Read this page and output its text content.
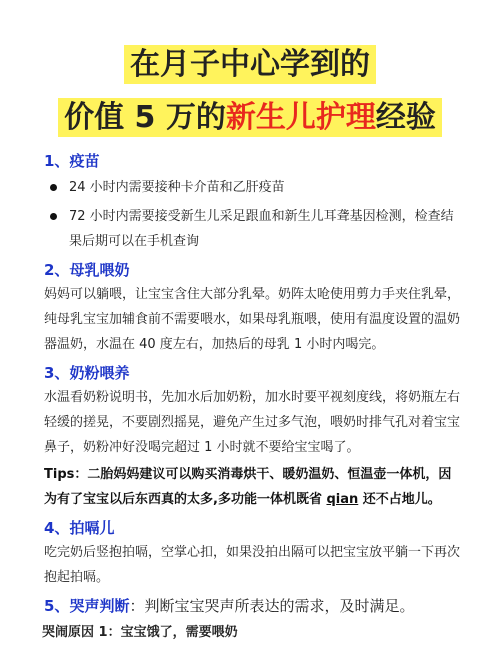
在月子中心学到的
价值 5 万的新生儿护理经验
1、疫苗
24 小时内需要接种卡介苗和乙肝疫苗
72 小时内需要接受新生儿采足跟血和新生儿耳聋基因检测，检查结果后期可以在手机查询
2、母乳喂奶
妈妈可以躺喂，让宝宝含住大部分乳晕。奶阵太呛使用剪力手夹住乳晕，纯母乳宝宝加辅食前不需要喂水，如果母乳瓶喂，使用有温度设置的温奶器温奶，水温在 40 度左右，加热后的母乳 1 小时内喝完。
3、奶粉喂养
水温看奶粉说明书，先加水后加奶粉，加水时要平视刻度线，将奶瓶左右轻缓的搓晃，不要剧烈摇晃，避免产生过多气泡，喂奶时排气孔对着宝宝鼻子，奶粉冲好没喝完超过 1 小时就不要给宝宝喝了。
Tips：二胎妈妈建议可以购买消毒烘干、暖奶温奶、恒温壶一体机，因为有了宝宝以后东西真的太多,多功能一体机既省 qian 还不占地儿。
4、拍嗝儿
吃完奶后竖抱拍嗝，空掌心扣，如果没拍出隔可以把宝宝放平躺一下再次抱起拍嗝。
5、哭声判断：判断宝宝哭声所表达的需求，及时满足。
哭闹原因 1：宝宝饿了，需要喂奶
